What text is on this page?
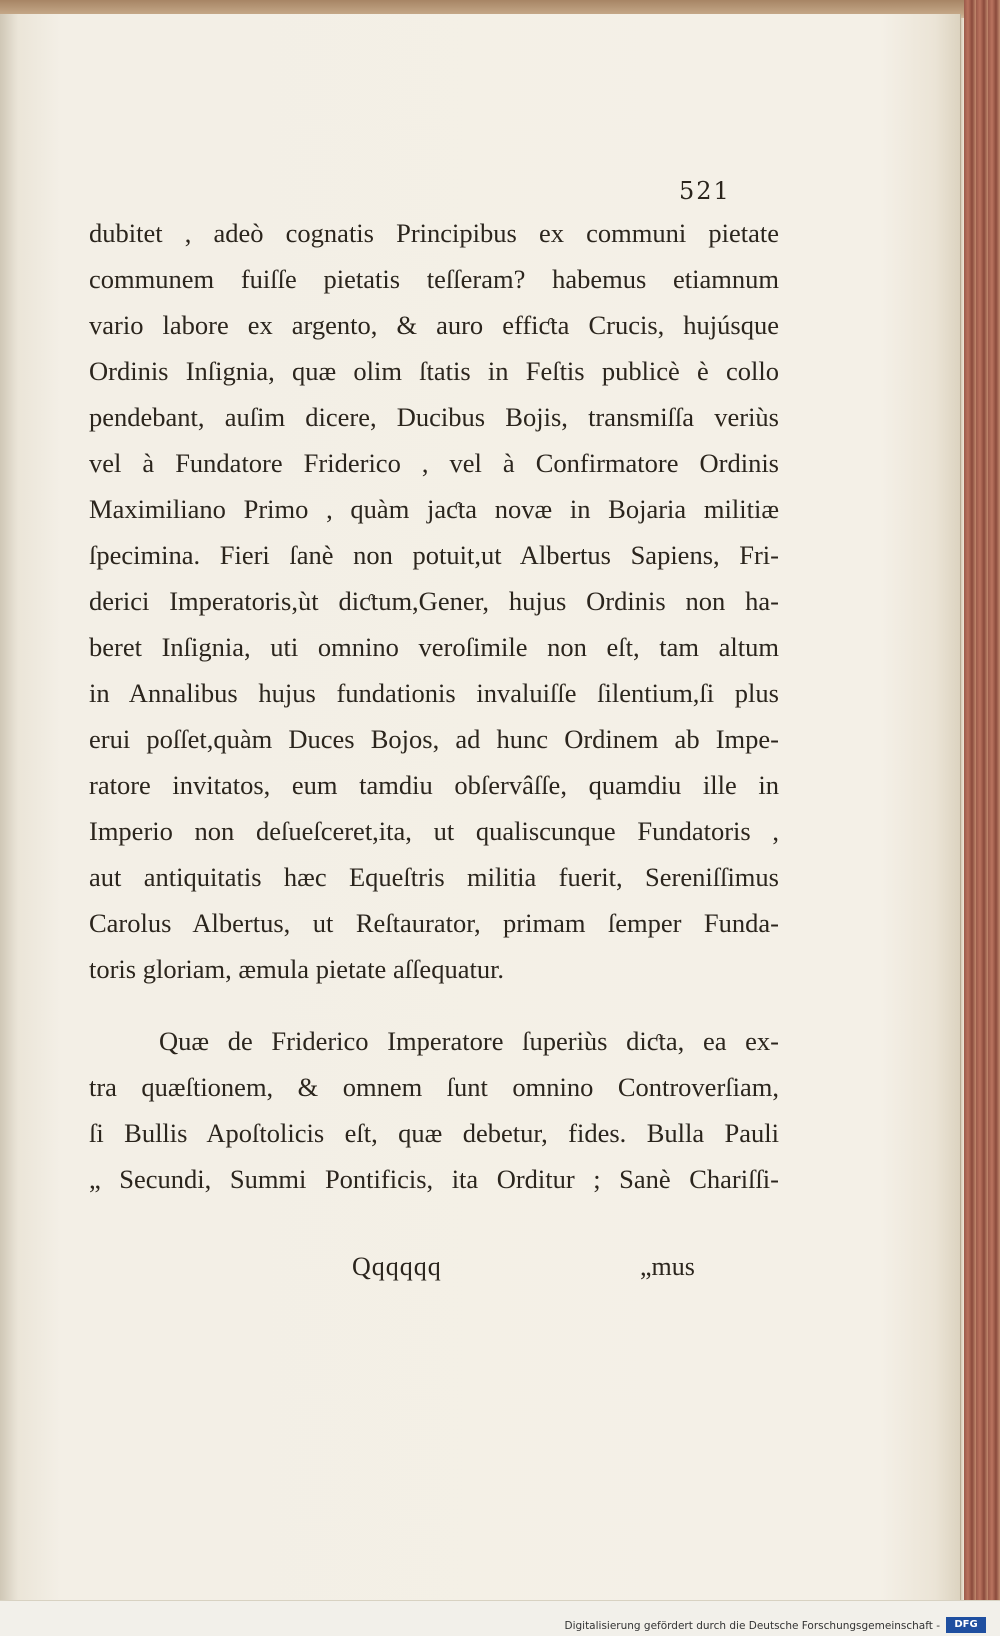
521
dubitet , adeò cognatis Principibus ex communi pietate
communem fuiſſe pietatis teſſeram? habemus etiamnum
vario labore ex argento, & auro effiƈta Crucis, hujúsque
Ordinis Inſignia, quæ olim ſtatis in Feſtis publicè è collo
pendebant, auſim dicere, Ducibus Bojis, transmiſſa veriùs
vel à Fundatore Friderico , vel à Confirmatore Ordinis
Maximiliano Primo , quàm jaƈta novæ in Bojaria militiæ
ſpecimina. Fieri ſanè non potuit,ut Albertus Sapiens, Fri-
derici Imperatoris,ùt diƈtum,Gener, hujus Ordinis non ha-
beret Inſignia, uti omnino veroſimile non eſt, tam altum
in Annalibus hujus fundationis invaluiſſe ſilentium,ſi plus
erui poſſet,quàm Duces Bojos, ad hunc Ordinem ab Impe-
ratore invitatos, eum tamdiu obſervâſſe, quamdiu ille in
Imperio non deſueſceret,ita, ut qualiscunque Fundatoris ,
aut antiquitatis hæc Equeſtris militia fuerit, Sereniſſimus
Carolus Albertus, ut Reſtaurator, primam ſemper Funda-
toris gloriam, æmula pietate aſſequatur.
Quæ de Friderico Imperatore ſuperiùs diƈta, ea ex-
tra quæſtionem, & omnem ſunt omnino Controverſiam,
ſi Bullis Apoſtolicis eſt, quæ debetur, fides. Bulla Pauli
„ Secundi, Summi Pontificis, ita Orditur ; Sanè Chariſſi-
Qqqqqq	„mus
Digitalisierung gefördert durch die Deutsche Forschungsgemeinschaft -	DFG
